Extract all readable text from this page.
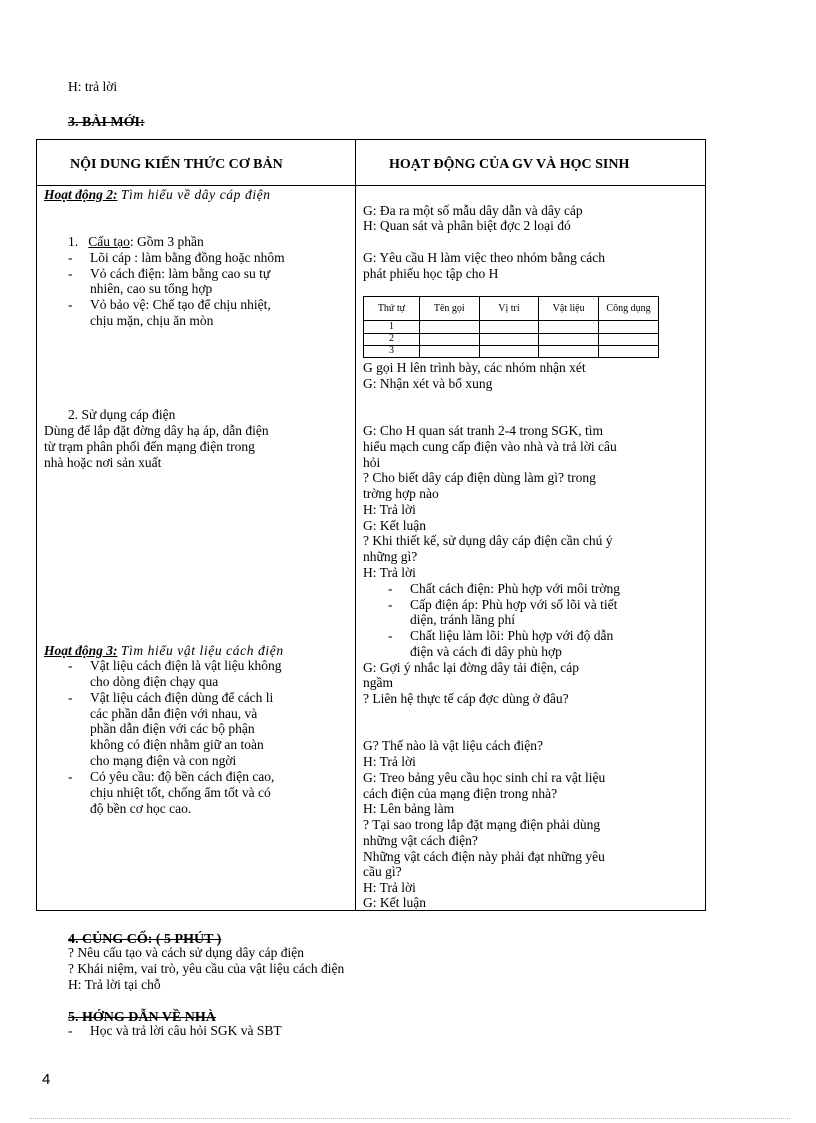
H: trả lời
3. BÀI MỚI:
NỘI DUNG KIẾN THỨC CƠ BẢN	HOẠT ĐỘNG CỦA GV VÀ HỌC SINH
Hoạt động 2: Tìm hiểu về dây cáp điện
1. Cấu tạo: Gồm 3 phần
- Lõi cáp : làm bằng đồng hoặc nhôm
- Vỏ cách điện: làm bằng cao su tự
nhiên, cao su tổng hợp
- Vỏ bảo vệ: Chế tạo để chịu nhiệt,
chịu mặn, chịu ăn mòn
2. Sử dụng cáp điện
Dùng để lắp đặt đờng dây hạ áp, dẫn điện
từ trạm phân phối đến mạng điện trong
nhà hoặc nơi sản xuất
Hoạt động 3: Tìm hiểu vật liệu cách điện
- Vật liệu cách điện là vật liệu không
cho dòng điện chạy qua
- Vật liệu cách điện dùng để cách li
các phần dẫn điện với nhau, và
phần dẫn điện với các bộ phận
không có điện nhằm giữ an toàn
cho mạng điện và con ngời
- Có yêu cầu: độ bền cách điện cao,
chịu nhiệt tốt, chống ẩm tốt và có
độ bền cơ học cao.
G: Đa ra một số mẫu dây dẫn và dây cáp
H: Quan sát và phân biệt đợc 2 loại đó
G: Yêu cầu H làm việc theo nhóm bằng cách
phát phiếu học tập cho H
Thứ tự	Tên gọi	Vị trí	Vật liệu	Công dụng
1				
2				
3				
G gọi H lên trình bày, các nhóm nhận xét
G: Nhận xét và bổ xung
G: Cho H quan sát tranh 2-4 trong SGK, tìm
hiểu mạch cung cấp điện vào nhà và trả lời câu
hỏi
? Cho biết dây cáp điện dùng làm gì? trong
trờng hợp nào
H: Trả lời
G: Kết luận
? Khi thiết kế, sử dụng dây cáp điện cần chú ý
những gì?
H: Trả lời
- Chất cách điện: Phù hợp với môi trờng
- Cấp điện áp: Phù hợp với số lõi và tiết
diện, tránh lãng phí
- Chất liệu làm lõi: Phù hợp với độ dẫn
điện và cách đi dây phù hợp
G: Gợi ý nhắc lại đờng dây tải điện, cáp
ngầm
? Liên hệ thực tế cáp đợc dùng ở đâu?
G? Thế nào là vật liệu cách điện?
H: Trả lời
G: Treo bảng yêu cầu học sinh chỉ ra vật liệu
cách điện của mạng điện trong nhà?
H: Lên bảng làm
? Tại sao trong lắp đặt mạng điện phải dùng
những vật cách điện?
Những vật cách điện này phải đạt những yêu
cầu gì?
H: Trả lời
G: Kết luận
4. CỦNG CỐ: ( 5 PHÚT )
? Nêu cấu tạo và cách sử dụng dây cáp điện
? Khái niệm, vai trò, yêu cầu của vật liệu cách điện
H: Trả lời tại chỗ
5. HỚNG DẪN VỀ NHÀ
- Học và trả lời câu hỏi SGK và SBT
4
